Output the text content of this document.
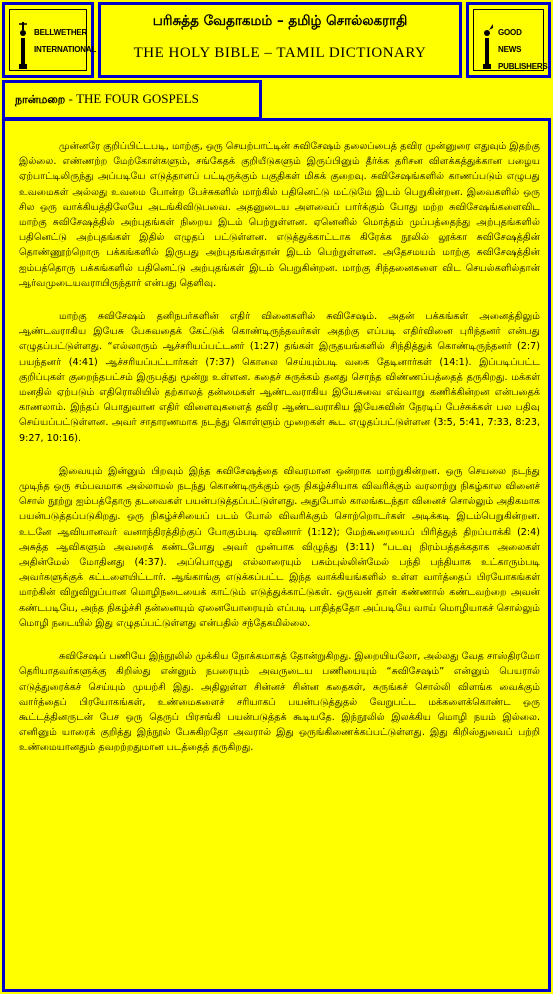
BELLWETHER
INTERNATIONAL
பரிசுத்த வேதாகமம் – தமிழ் சொல்லகராதி
THE HOLY BIBLE – TAMIL DICTIONARY
GOOD NEWS
PUBLISHERS
நான்மறை - THE FOUR GOSPELS

முன்னரே குறிப்பிட்டபடி, மாற்கு, ஒரு செயற்பாட்டின் சுவிசேஷம் தலைப்பைத் தவிர முன்னுரை எதுவும் இதற்கு இல்லை. எண்ணற்ற மேற்கோள்களும், சங்கேதக் குறியீடுகளும் இருப்பினும் தீர்க்க தரிசன விளக்கத்துக்கான பழைய ஏற்பாட்டிலிருந்து அப்படியே எடுத்தாளப் பட்டிருக்கும் பகுதிகள் மிகக் குறைவு. சுவிசேஷங்களில் காணப்படும் எழுபது உவமைகள் அல்லது உவமை போன்ற பேச்சுகளில் மாற்கில் பதினெட்டு மட்டுமே இடம் பெறுகின்றன. இவைகளில் ஒரு சில ஒரு வாக்கியத்திலேயே அடங்கிவிடுபவை. அதனுடைய அளவைப் பார்க்கும் போது மற்ற சுவிசேஷங்களைவிட மாற்கு சுவிசேஷத்தில் அற்புதங்கள் நிறைய இடம் பெற்றுள்ளன. ஏனெனில் மொத்தம் முப்பத்தைந்து அற்புதங்களில் பதினெட்டு அற்புதங்கள் இதில் எழுதப் பட்டுள்ளன. எடுத்துக்காட்டாக கிரேக்க நூலில் லூக்கா சுவிசேஷத்தின் தொண்ணூற்றொரு பக்கங்களில் இருபது அற்புதங்கள்தான் இடம் பெற்றுள்ளன. அதேசமயம் மாற்கு சுவிசேஷத்தின் ஐம்பத்தொரு பக்கங்களில் பதினெட்டு அற்புதங்கள் இடம் பெறுகின்றன. மாற்கு சிந்தனைகளை விட செயல்களில்தான் ஆர்வமுடையவராயிருந்தார் என்பது தெளிவு.

மாற்கு சுவிசேஷம் தனிநபர்களின் எதிர் வினைகளில் சுவிசேஷம். அதன் பக்கங்கள் அனைத்திலும் ஆண்டவராகிய இயேசு பேசுவதைக் கேட்டுக் கொண்டிருந்தவர்கள் அதற்கு எப்படி எதிர்வினை புரிந்தனர் என்பது எழுதப்பட்டுள்ளது. “எல்லாரும் ஆச்சரியப்பட்டனர் (1:27) தங்கள் இருதயங்களில் சிந்தித்துக் கொண்டிருந்தனர் (2:7) பயந்தனர் (4:41) ஆச்சரியப்பட்டார்கள் (7:37) கொலை செய்யும்படி வகை தேடினார்கள் (14:1). இப்படிப்பட்ட குறிப்புகள் குறைந்தபட்சம் இருபத்து மூன்று உள்ளன. கதைச் சுருக்கம் தனது சொந்த விண்ணப்பத்தைத் தருகிறது. மக்கள் மனதில் ஏற்படும் எதிரொலியில் தற்காலத் தன்மைகள் ஆண்டவராகிய இயேசுவை எவ்வாறு கணிக்கின்றன என்பதைக் காணலாம். இந்தப் பொதுவான எதிர் விளைவுகளைத் தவிர ஆண்டவராகிய இயேசுவின் நேரடிப் பேச்சுக்கள் பல பதிவு செய்யப்பட்டுள்ளன. அவர் சாதாரணமாக நடந்து கொள்ளும் முறைகள் கூட எழுதப்பட்டுள்ளன (3:5, 5:41, 7:33, 8:23, 9:27, 10:16).

இவையும் இன்னும் பிறவும் இந்த சுவிசேஷத்தை விவரமான ஒன்றாக மாற்றுகின்றன. ஒரு செயலை நடந்து முடிந்த ஒரு சம்பவமாக அல்லாமல் நடந்து கொண்டிருக்கும் ஒரு நிகழ்ச்சியாக விவரிக்கும் வரலாற்று நிகழ்கால வினைச் சொல் நூற்று ஐம்பத்தோரு தடவைகள் பயன்படுத்தப்பட்டுள்ளது. அதுபோல் காலங்கடந்தா வினைச் சொல்லும் அதிகமாக பயன்படுத்தப்படுகிறது. ஒரு நிகழ்ச்சியைப் படம் போல் விவரிக்கும் சொற்றொடர்கள் அடிக்கடி இடம்பெறுகின்றன. உடனே ஆவியானவர் வனாந்திரத்திற்குப் போகும்படி ஏவினார் (1:12); மேற்கூரையைப் பிரித்துத் திறப்பாக்கி (2:4) அசுத்த ஆவிகளும் அவரைக் கண்டபோது அவர் முன்பாக விழுந்து (3:11) “படவு நிரம்பத்தக்கதாக அலைகள் அதின்மேல் மோதினது (4:37). அப்பொழுது எல்லாரையும் பசும்புல்லின்மேல் பந்தி பந்தியாக உட்காரும்படி அவர்களுக்குக் கட்டளையிட்டார். ஆங்காங்கு எடுக்கப்பட்ட இந்த வாக்கியங்களில் உள்ள வார்த்தைப் பிரயோகங்கள் மாற்கின் விறுவிறுப்பான மொழிநடையைக் காட்டும் எடுத்துக்காட்டுகள். ஒருவன் தான் கண்ணால் கண்டவற்றை அவன் கண்டபடியே, அந்த நிகழ்ச்சி தன்னையும் ஏனையோரையும் எப்படி பாதித்ததோ அப்படியே வாய் மொழியாகச் சொல்லும் மொழி நடையில் இது எழுதப்பட்டுள்ளது என்பதில் சந்தேகமில்லை.

சுவிசேஷப் பணியே இந்நூலில் முக்கிய நோக்கமாகத் தோன்றுகிறது. இறையியலோ, அல்லது வேத சாஸ்திரமோ தெரியாதவர்களுக்கு கிறிஸ்து என்னும் நபரையும் அவருடைய பணியையும் “சுவிசேஷம்” என்னும் பெயரால் எடுத்துரைக்கச் செய்யும் முயற்சி இது. அதிலுள்ள சின்னச் சின்ன கதைகள், சுருங்கச் சொல்லி விளங்க வைக்கும் வார்த்தைப் பிரயோகங்கள், உண்மைகளைச் சரியாகப் பயன்படுத்துதல் வேறுபட்ட மக்களைக்கொண்ட ஒரு கூட்டத்தினருடன் பேச ஒரு தெருப் பிரசங்கி பயன்படுத்தக் கூடியதே. இந்நூலில் இலக்கிய மொழி நயம் இல்லை. எனினும் யாரைக் குறித்து இந்நூல் பேசுகிறதோ அவரால் இது ஒருங்கிணைக்கப்பட்டுள்ளது. இது கிறிஸ்துவைப் பற்றி உண்மையானதும் தவறற்றதுமான படத்தைத் தருகிறது.
